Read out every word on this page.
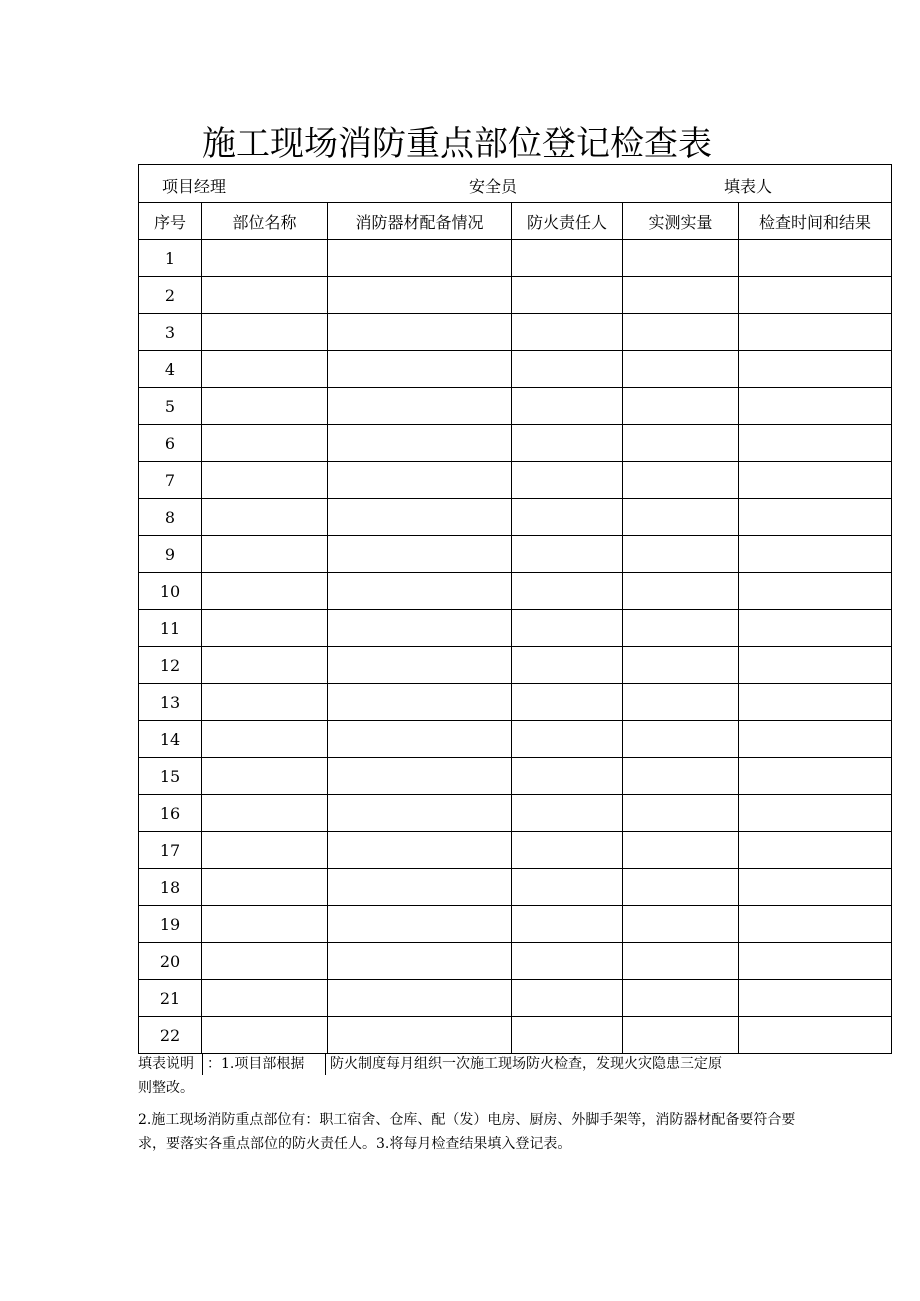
施工现场消防重点部位登记检查表
项目经理 安全员 填表人					

序号	部位名称	消防器材配备情况	防火责任人	实测实量	检查时间和结果
1					
2					
3					
4					
5					
6					
7					
8					
9					
10					
11					
12					
13					
14					
15					
16					
17					
18					
19					
20					
21					
22					
填表说明 ：1.项目部根据	防火制度每月组织一次施工现场防火检查，发现火灾隐患三定原

则整改。

2.施工现场消防重点部位有：职工宿舍、仓库、配（发）电房、厨房、外脚手架等，消防器材配备要符合要

求，要落实各重点部位的防火责任人。3.将每月检查结果填入登记表。
